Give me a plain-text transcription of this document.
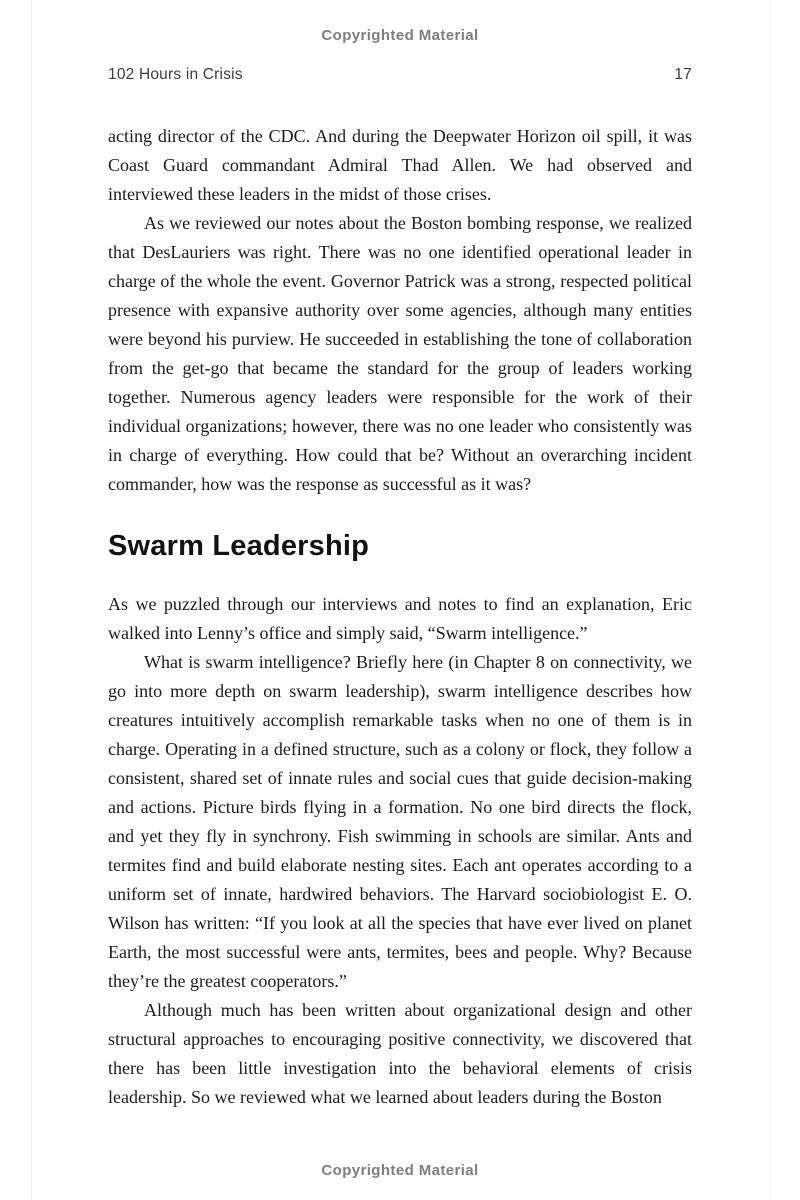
Copyrighted Material
102 Hours in Crisis	17

acting director of the CDC. And during the Deepwater Horizon oil spill, it was Coast Guard commandant Admiral Thad Allen. We had observed and interviewed these leaders in the midst of those crises.

As we reviewed our notes about the Boston bombing response, we realized that DesLauriers was right. There was no one identified operational leader in charge of the whole the event. Governor Patrick was a strong, respected political presence with expansive authority over some agencies, although many entities were beyond his purview. He succeeded in establishing the tone of collaboration from the get-go that became the standard for the group of leaders working together. Numerous agency leaders were responsible for the work of their individual organizations; however, there was no one leader who consistently was in charge of everything. How could that be? Without an overarching incident commander, how was the response as successful as it was?

Swarm Leadership

As we puzzled through our interviews and notes to find an explanation, Eric walked into Lenny’s office and simply said, “Swarm intelligence.”

What is swarm intelligence? Briefly here (in Chapter 8 on connectivity, we go into more depth on swarm leadership), swarm intelligence describes how creatures intuitively accomplish remarkable tasks when no one of them is in charge. Operating in a defined structure, such as a colony or flock, they follow a consistent, shared set of innate rules and social cues that guide decision-making and actions. Picture birds flying in a formation. No one bird directs the flock, and yet they fly in synchrony. Fish swimming in schools are similar. Ants and termites find and build elaborate nesting sites. Each ant operates according to a uniform set of innate, hardwired behaviors. The Harvard sociobiologist E. O. Wilson has written: “If you look at all the species that have ever lived on planet Earth, the most successful were ants, termites, bees and people. Why? Because they’re the greatest cooperators.”

Although much has been written about organizational design and other structural approaches to encouraging positive connectivity, we discovered that there has been little investigation into the behavioral elements of crisis leadership. So we reviewed what we learned about leaders during the Boston

Copyrighted Material
